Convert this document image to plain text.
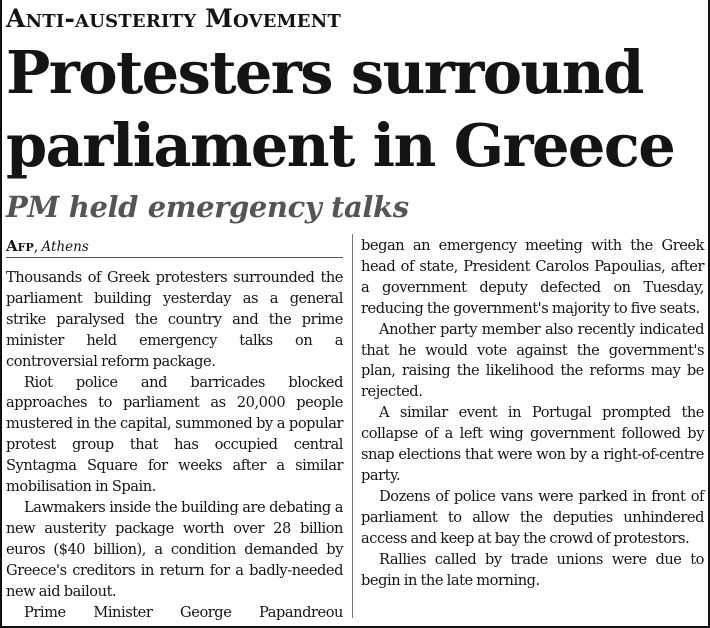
Anti-austerity Movement
Protesters surround
parliament in Greece
PM held emergency talks
Afp, Athens

Thousands of Greek protesters surrounded the parliament building yesterday as a general strike paralysed the country and the prime minister held emergency talks on a controversial reform package.

Riot police and barricades blocked approaches to parliament as 20,000 people mustered in the capital, summoned by a popular protest group that has occupied central Syntagma Square for weeks after a similar mobilisation in Spain.

Lawmakers inside the building are debating a new austerity package worth over 28 billion euros ($40 billion), a condition demanded by Greece's creditors in return for a badly-needed new aid bailout.

Prime Minister George Papandreou

began an emergency meeting with the Greek head of state, President Carolos Papoulias, after a government deputy defected on Tuesday, reducing the government's majority to five seats.

Another party member also recently indicated that he would vote against the government's plan, raising the likelihood the reforms may be rejected.

A similar event in Portugal prompted the collapse of a left wing government followed by snap elections that were won by a right-of-centre party.

Dozens of police vans were parked in front of parliament to allow the deputies unhindered access and keep at bay the crowd of protestors.

Rallies called by trade unions were due to begin in the late morning.
